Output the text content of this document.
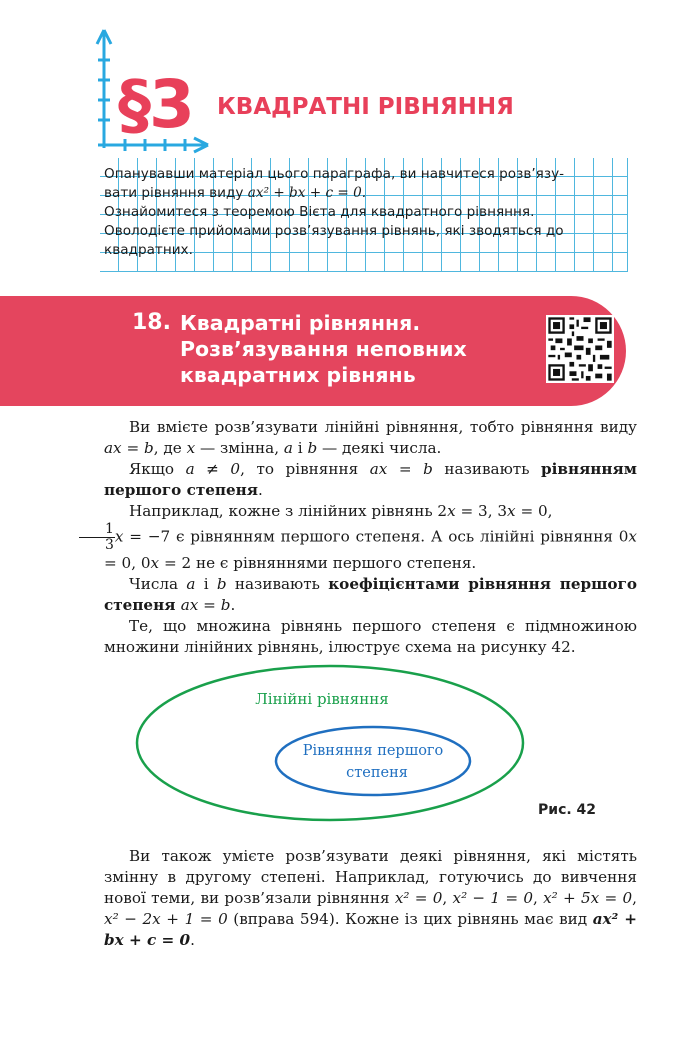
§3 КВАДРАТНІ РІВНЯННЯ

Опанувавши матеріал цього параграфа, ви навчитеся розв’язу-

вати рівняння виду ax² + bx + c = 0.

Ознайомитеся з теоремою Вієта для квадратного рівняння.

Оволодієте прийомами розв’язування рівнянь, які зводяться до

квадратних.

18. Квадратні рівняння.
Розв’язування неповних
квадратних рівнянь

Ви вмієте розв’язувати лінійні рівняння, тобто рівняння виду ax = b, де x — змінна, a і b — деякі числа.

Якщо a ≠ 0, то рівняння ax = b називають рівнянням першого степеня.

Наприклад, кожне з лінійних рівнянь 2x = 3, 3x = 0,

$\frac{1}{3}$ x = −7 є рівнянням першого степеня. А ось лінійні рівняння 0x = 0, 0x = 2 не є рівняннями першого степеня.

Числа a і b називають коефіцієнтами рівняння першого степеня ax = b.

Те, що множина рівнянь першого степеня є підмножиною множини лінійних рівнянь, ілюструє схема на рисунку 42.

Лінійні рівняння
Рівняння першого
степеня
Рис. 42

Ви також умієте розв’язувати деякі рівняння, які містять змінну в другому степені. Наприклад, готуючись до вивчення нової теми, ви розв’язали рівняння x² = 0, x² − 1 = 0, x² + 5x = 0, x² − 2x + 1 = 0 (вправа 594). Кожне із цих рівнянь має вид ax² + bx + c = 0.
